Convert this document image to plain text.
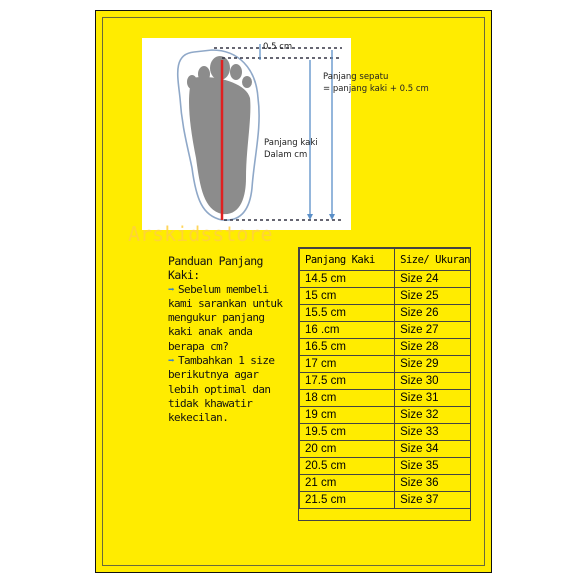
0.5 cm
Panjang sepatu
= panjang kaki + 0.5 cm
Panjang kaki
Dalam cm
Arskidsstore

Panduan Panjang

Kaki:

➡ Sebelum membeli

kami sarankan untuk

mengukur panjang

kaki anak anda

berapa cm?

➡ Tambahkan 1 size

berikutnya agar

lebih optimal dan

tidak khawatir

kekecilan.

Panjang Kaki	Size/ Ukuran
14.5 cm	Size 24
15 cm	Size 25
15.5 cm	Size 26
16 .cm	Size 27
16.5 cm	Size 28
17 cm	Size 29
17.5 cm	Size 30
18 cm	Size 31
19 cm	Size 32
19.5 cm	Size 33
20 cm	Size 34
20.5 cm	Size 35
21 cm	Size 36
21.5 cm	Size 37
